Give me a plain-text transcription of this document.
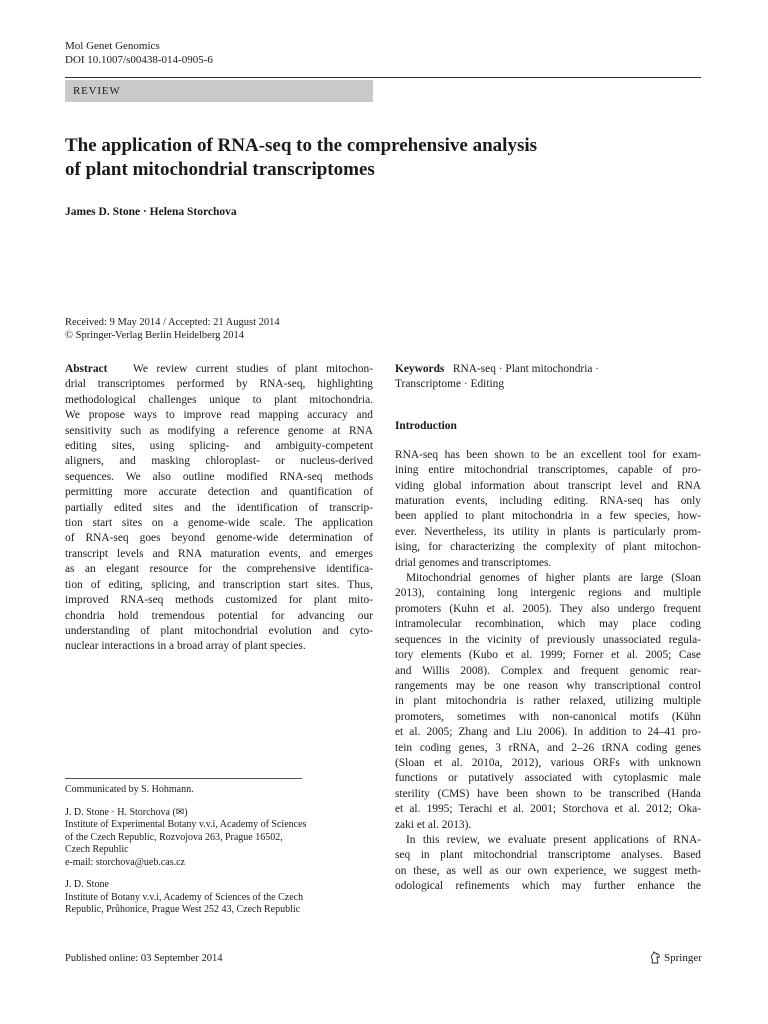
Mol Genet Genomics
DOI 10.1007/s00438-014-0905-6
REVIEW
The application of RNA-seq to the comprehensive analysis
of plant mitochondrial transcriptomes
James D. Stone · Helena Storchova
Received: 9 May 2014 / Accepted: 21 August 2014
© Springer-Verlag Berlin Heidelberg 2014
Abstract We review current studies of plant mitochon-
drial transcriptomes performed by RNA-seq, highlighting
methodological challenges unique to plant mitochondria.
We propose ways to improve read mapping accuracy and
sensitivity such as modifying a reference genome at RNA
editing sites, using splicing- and ambiguity-competent
aligners, and masking chloroplast- or nucleus-derived
sequences. We also outline modified RNA-seq methods
permitting more accurate detection and quantification of
partially edited sites and the identification of transcrip-
tion start sites on a genome-wide scale. The application
of RNA-seq goes beyond genome-wide determination of
transcript levels and RNA maturation events, and emerges
as an elegant resource for the comprehensive identifica-
tion of editing, splicing, and transcription start sites. Thus,
improved RNA-seq methods customized for plant mito-
chondria hold tremendous potential for advancing our
understanding of plant mitochondrial evolution and cyto-
nuclear interactions in a broad array of plant species.
Keywords RNA-seq · Plant mitochondria ·
Transcriptome · Editing
Introduction
RNA-seq has been shown to be an excellent tool for exam-
ining entire mitochondrial transcriptomes, capable of pro-
viding global information about transcript level and RNA
maturation events, including editing. RNA-seq has only
been applied to plant mitochondria in a few species, how-
ever. Nevertheless, its utility in plants is particularly prom-
ising, for characterizing the complexity of plant mitochon-
drial genomes and transcriptomes.
Mitochondrial genomes of higher plants are large (Sloan
2013), containing long intergenic regions and multiple
promoters (Kuhn et al. 2005). They also undergo frequent
intramolecular recombination, which may place coding
sequences in the vicinity of previously unassociated regula-
tory elements (Kubo et al. 1999; Forner et al. 2005; Case
and Willis 2008). Complex and frequent genomic rear-
rangements may be one reason why transcriptional control
in plant mitochondria is rather relaxed, utilizing multiple
promoters, sometimes with non-canonical motifs (Kühn
et al. 2005; Zhang and Liu 2006). In addition to 24–41 pro-
tein coding genes, 3 rRNA, and 2–26 tRNA coding genes
(Sloan et al. 2010a, 2012), various ORFs with unknown
functions or putatively associated with cytoplasmic male
sterility (CMS) have been shown to be transcribed (Handa
et al. 1995; Terachi et al. 2001; Storchova et al. 2012; Oka-
zaki et al. 2013).
In this review, we evaluate present applications of RNA-
seq in plant mitochondrial transcriptome analyses. Based
on these, as well as our own experience, we suggest meth-
odological refinements which may further enhance the
Communicated by S. Hohmann.
J. D. Stone · H. Storchova (✉)
Institute of Experimental Botany v.v.i, Academy of Sciences
of the Czech Republic, Rozvojova 263, Prague 16502,
Czech Republic
e-mail: storchova@ueb.cas.cz
J. D. Stone
Institute of Botany v.v.i, Academy of Sciences of the Czech
Republic, Průhonice, Prague West 252 43, Czech Republic
Published online: 03 September 2014	Springer
